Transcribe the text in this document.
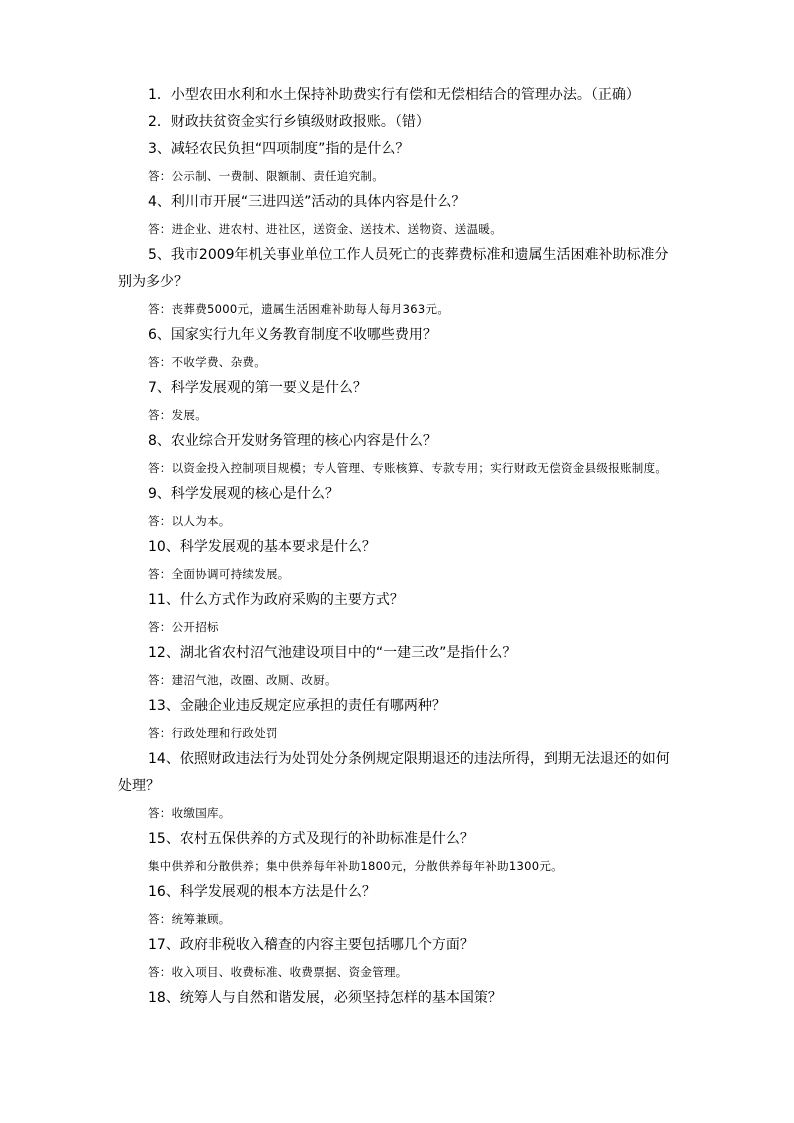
1．小型农田水利和水土保持补助费实行有偿和无偿相结合的管理办法。（正确）

2．财政扶贫资金实行乡镇级财政报账。（错）

3、减轻农民负担“四项制度”指的是什么？

答：公示制、一费制、限额制、责任追究制。

4、利川市开展“三进四送”活动的具体内容是什么？

答：进企业、进农村、进社区，送资金、送技术、送物资、送温暖。

5、我市2009年机关事业单位工作人员死亡的丧葬费标准和遗属生活困难补助标准分别为多少？

答：丧葬费5000元，遗属生活困难补助每人每月363元。

6、国家实行九年义务教育制度不收哪些费用？

答：不收学费、杂费。

7、科学发展观的第一要义是什么？

答：发展。

8、农业综合开发财务管理的核心内容是什么？

答：以资金投入控制项目规模；专人管理、专账核算、专款专用；实行财政无偿资金县级报账制度。

9、科学发展观的核心是什么？

答：以人为本。

10、科学发展观的基本要求是什么？

答：全面协调可持续发展。

11、什么方式作为政府采购的主要方式？

答：公开招标

12、湖北省农村沼气池建设项目中的“一建三改”是指什么？

答：建沼气池，改圈、改厕、改厨。

13、金融企业违反规定应承担的责任有哪两种？

答：行政处理和行政处罚

14、依照财政违法行为处罚处分条例规定限期退还的违法所得，到期无法退还的如何处理？

答：收缴国库。

15、农村五保供养的方式及现行的补助标准是什么？

集中供养和分散供养；集中供养每年补助1800元，分散供养每年补助1300元。

16、科学发展观的根本方法是什么？

答：统筹兼顾。

17、政府非税收入稽查的内容主要包括哪几个方面？

答：收入项目、收费标准、收费票据、资金管理。

18、统筹人与自然和谐发展，必须坚持怎样的基本国策？
